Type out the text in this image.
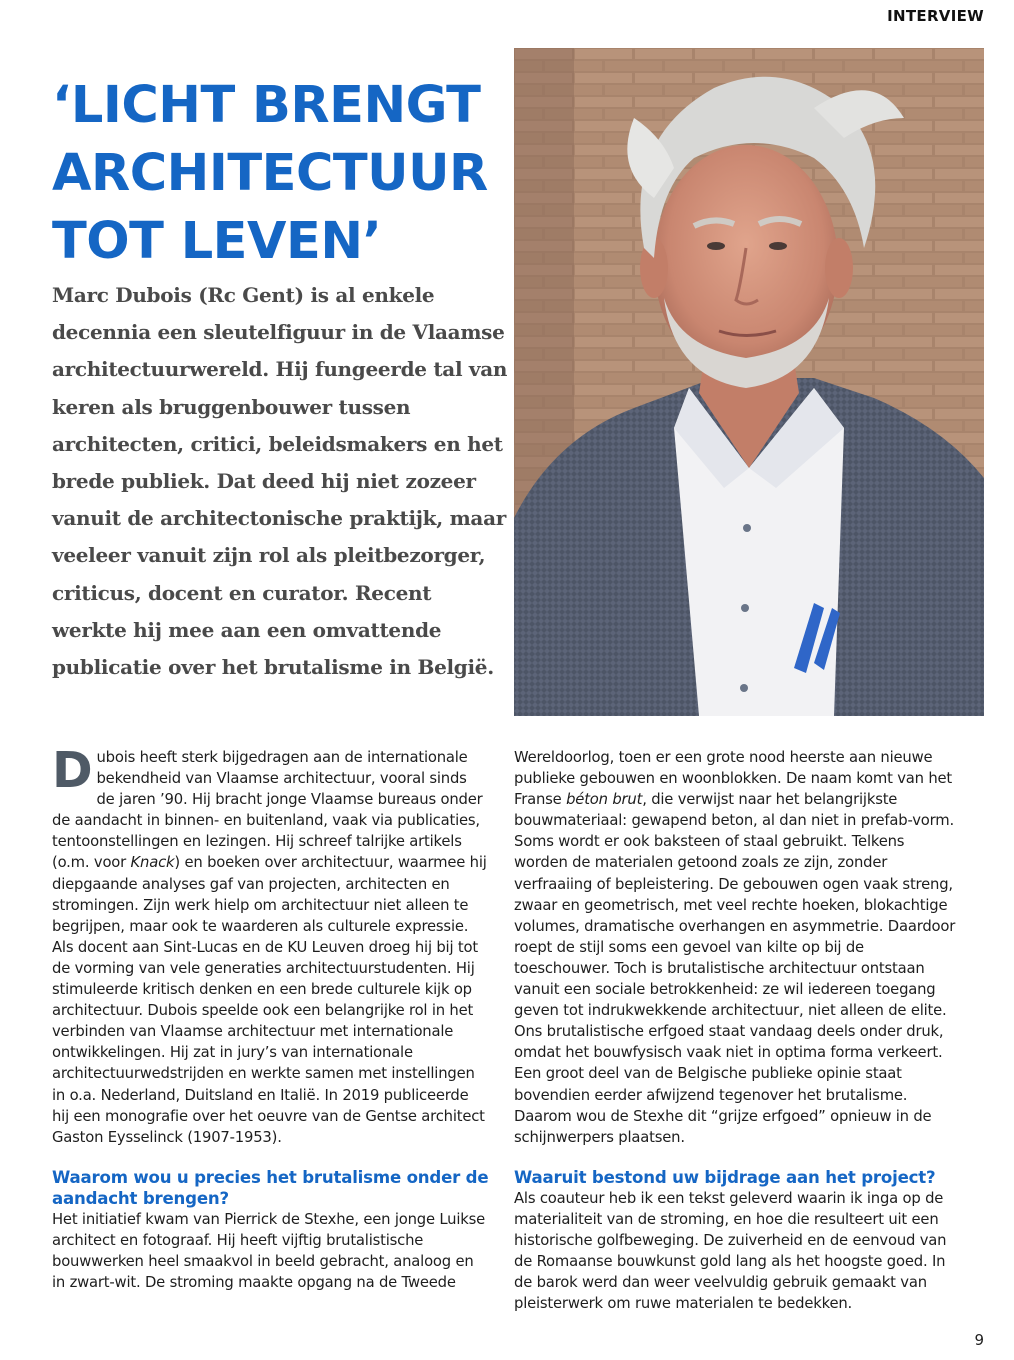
INTERVIEW
‘LICHT BRENGT ARCHITECTUUR TOT LEVEN’

Marc Dubois (Rc Gent) is al enkele decennia een sleutelfiguur in de Vlaamse architectuurwereld. Hij fungeerde tal van keren als bruggenbouwer tussen architecten, critici, beleidsmakers en het brede publiek. Dat deed hij niet zozeer vanuit de architectonische praktijk, maar veeleer vanuit zijn rol als pleitbezorger, criticus, docent en curator. Recent werkte hij mee aan een omvattende publicatie over het brutalisme in België.

Dubois heeft sterk bijgedragen aan de internationale bekendheid van Vlaamse architectuur, vooral sinds de jaren ’90. Hij bracht jonge Vlaamse bureaus onder de aandacht in binnen- en buitenland, vaak via publicaties, tentoonstellingen en lezingen. Hij schreef talrijke artikels (o.m. voor Knack) en boeken over architectuur, waarmee hij diepgaande analyses gaf van projecten, architecten en stromingen. Zijn werk hielp om architectuur niet alleen te begrijpen, maar ook te waarderen als culturele expressie. Als docent aan Sint-Lucas en de KU Leuven droeg hij bij tot de vorming van vele generaties architectuurstudenten. Hij stimuleerde kritisch denken en een brede culturele kijk op architectuur. Dubois speelde ook een belangrijke rol in het verbinden van Vlaamse architectuur met internationale ontwikkelingen. Hij zat in jury’s van internationale architectuurwedstrijden en werkte samen met instellingen in o.a. Nederland, Duitsland en Italië. In 2019 publiceerde hij een monografie over het oeuvre van de Gentse architect Gaston Eysselinck (1907-1953).

Waarom wou u precies het brutalisme onder de aandacht brengen?

Het initiatief kwam van Pierrick de Stexhe, een jonge Luikse architect en fotograaf. Hij heeft vijftig brutalistische bouwwerken heel smaakvol in beeld gebracht, analoog en in zwart-wit. De stroming maakte opgang na de Tweede

Wereldoorlog, toen er een grote nood heerste aan nieuwe publieke gebouwen en woonblokken. De naam komt van het Franse béton brut, die verwijst naar het belangrijkste bouwmateriaal: gewapend beton, al dan niet in prefab-vorm. Soms wordt er ook baksteen of staal gebruikt. Telkens worden de materialen getoond zoals ze zijn, zonder verfraaiing of bepleistering. De gebouwen ogen vaak streng, zwaar en geometrisch, met veel rechte hoeken, blokachtige volumes, dramatische overhangen en asymmetrie. Daardoor roept de stijl soms een gevoel van kilte op bij de toeschouwer. Toch is brutalistische architectuur ontstaan vanuit een sociale betrokkenheid: ze wil iedereen toegang geven tot indrukwekkende architectuur, niet alleen de elite. Ons brutalistische erfgoed staat vandaag deels onder druk, omdat het bouwfysisch vaak niet in optima forma verkeert. Een groot deel van de Belgische publieke opinie staat bovendien eerder afwijzend tegenover het brutalisme. Daarom wou de Stexhe dit “grijze erfgoed” opnieuw in de schijnwerpers plaatsen.

Waaruit bestond uw bijdrage aan het project?

Als coauteur heb ik een tekst geleverd waarin ik inga op de materialiteit van de stroming, en hoe die resulteert uit een historische golfbeweging. De zuiverheid en de eenvoud van de Romaanse bouwkunst gold lang als het hoogste goed. In de barok werd dan weer veelvuldig gebruik gemaakt van pleisterwerk om ruwe materialen te bedekken.

9
